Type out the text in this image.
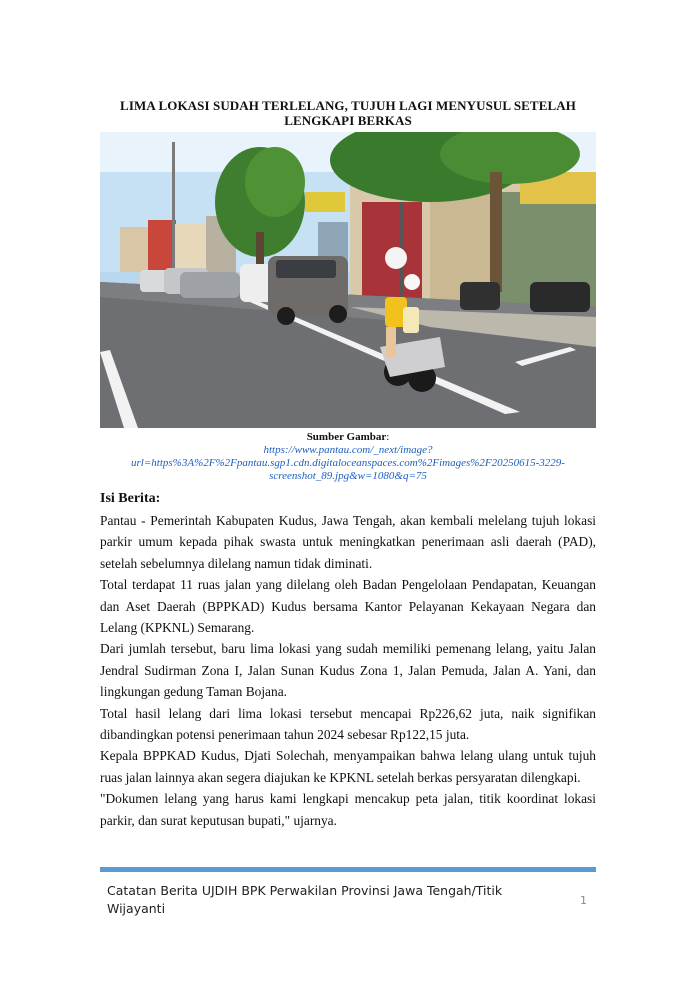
LIMA LOKASI SUDAH TERLELANG, TUJUH LAGI MENYUSUL SETELAH LENGKAPI BERKAS
Sumber Gambar:
https://www.pantau.com/_next/image?url=https%3A%2F%2Fpantau.sgp1.cdn.digitaloceanspaces.com%2Fimages%2F20250615-3229-screenshot_89.jpg&w=1080&q=75
Isi Berita:

Pantau - Pemerintah Kabupaten Kudus, Jawa Tengah, akan kembali melelang tujuh lokasi parkir umum kepada pihak swasta untuk meningkatkan penerimaan asli daerah (PAD), setelah sebelumnya dilelang namun tidak diminati.

Total terdapat 11 ruas jalan yang dilelang oleh Badan Pengelolaan Pendapatan, Keuangan dan Aset Daerah (BPPKAD) Kudus bersama Kantor Pelayanan Kekayaan Negara dan Lelang (KPKNL) Semarang.

Dari jumlah tersebut, baru lima lokasi yang sudah memiliki pemenang lelang, yaitu Jalan Jendral Sudirman Zona I, Jalan Sunan Kudus Zona 1, Jalan Pemuda, Jalan A. Yani, dan lingkungan gedung Taman Bojana.

Total hasil lelang dari lima lokasi tersebut mencapai Rp226,62 juta, naik signifikan dibandingkan potensi penerimaan tahun 2024 sebesar Rp122,15 juta.

Kepala BPPKAD Kudus, Djati Solechah, menyampaikan bahwa lelang ulang untuk tujuh ruas jalan lainnya akan segera diajukan ke KPKNL setelah berkas persyaratan dilengkapi.

"Dokumen lelang yang harus kami lengkapi mencakup peta jalan, titik koordinat lokasi parkir, dan surat keputusan bupati," ujarnya.

Catatan Berita UJDIH BPK Perwakilan Provinsi Jawa Tengah/Titik Wijayanti
1
